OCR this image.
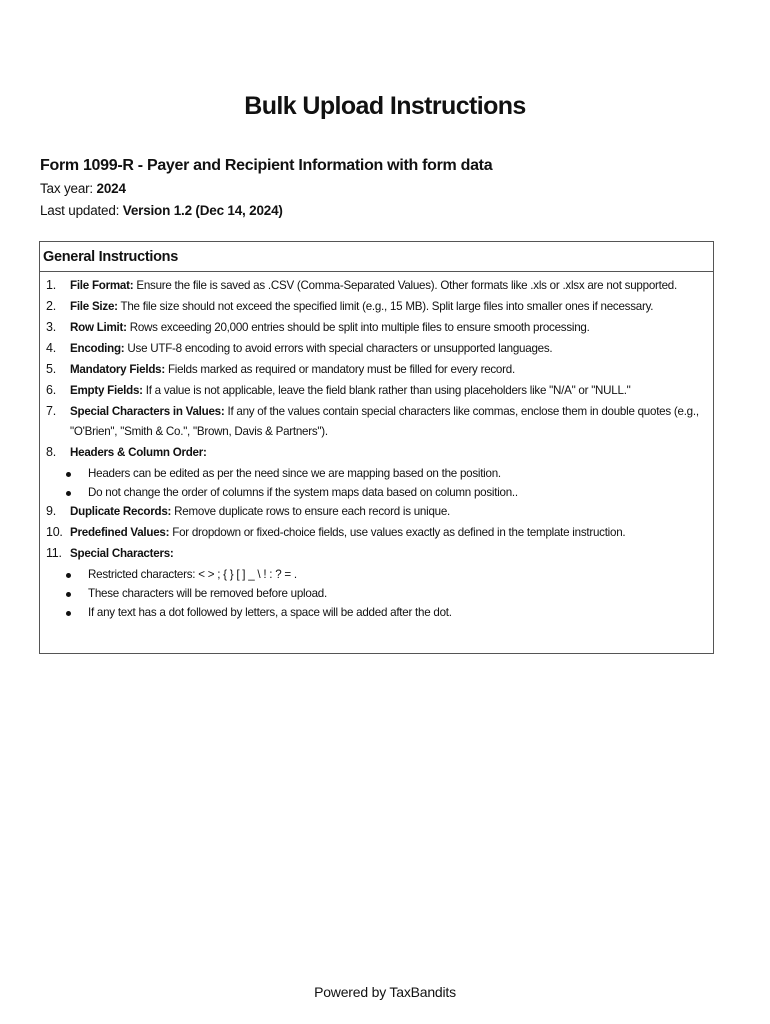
Bulk Upload Instructions

Form 1099-R - Payer and Recipient Information with form data

Tax year: 2024

Last updated: Version 1.2 (Dec 14, 2024)

General Instructions
1.	File Format: Ensure the file is saved as .CSV (Comma-Separated Values). Other formats like .xls or .xlsx are not supported.
2.	File Size: The file size should not exceed the specified limit (e.g., 15 MB). Split large files into smaller ones if necessary.
3.	Row Limit: Rows exceeding 20,000 entries should be split into multiple files to ensure smooth processing.
4.	Encoding: Use UTF-8 encoding to avoid errors with special characters or unsupported languages.
5.	Mandatory Fields: Fields marked as required or mandatory must be filled for every record.
6.	Empty Fields: If a value is not applicable, leave the field blank rather than using placeholders like "N/A" or "NULL."
7.	Special Characters in Values: If any of the values contain special characters like commas, enclose them in double quotes (e.g., "O'Brien", "Smith & Co.", "Brown, Davis & Partners").
8.	Headers & Column Order:
Headers can be edited as per the need since we are mapping based on the position.
Do not change the order of columns if the system maps data based on column position..
9.	Duplicate Records: Remove duplicate rows to ensure each record is unique.
10. Predefined Values: For dropdown or fixed-choice fields, use values exactly as defined in the template instruction.
11. Special Characters:
Restricted characters: < > ; { } [ ] _ \ ! : ? = .
These characters will be removed before upload.
If any text has a dot followed by letters, a space will be added after the dot.

Powered by TaxBandits
